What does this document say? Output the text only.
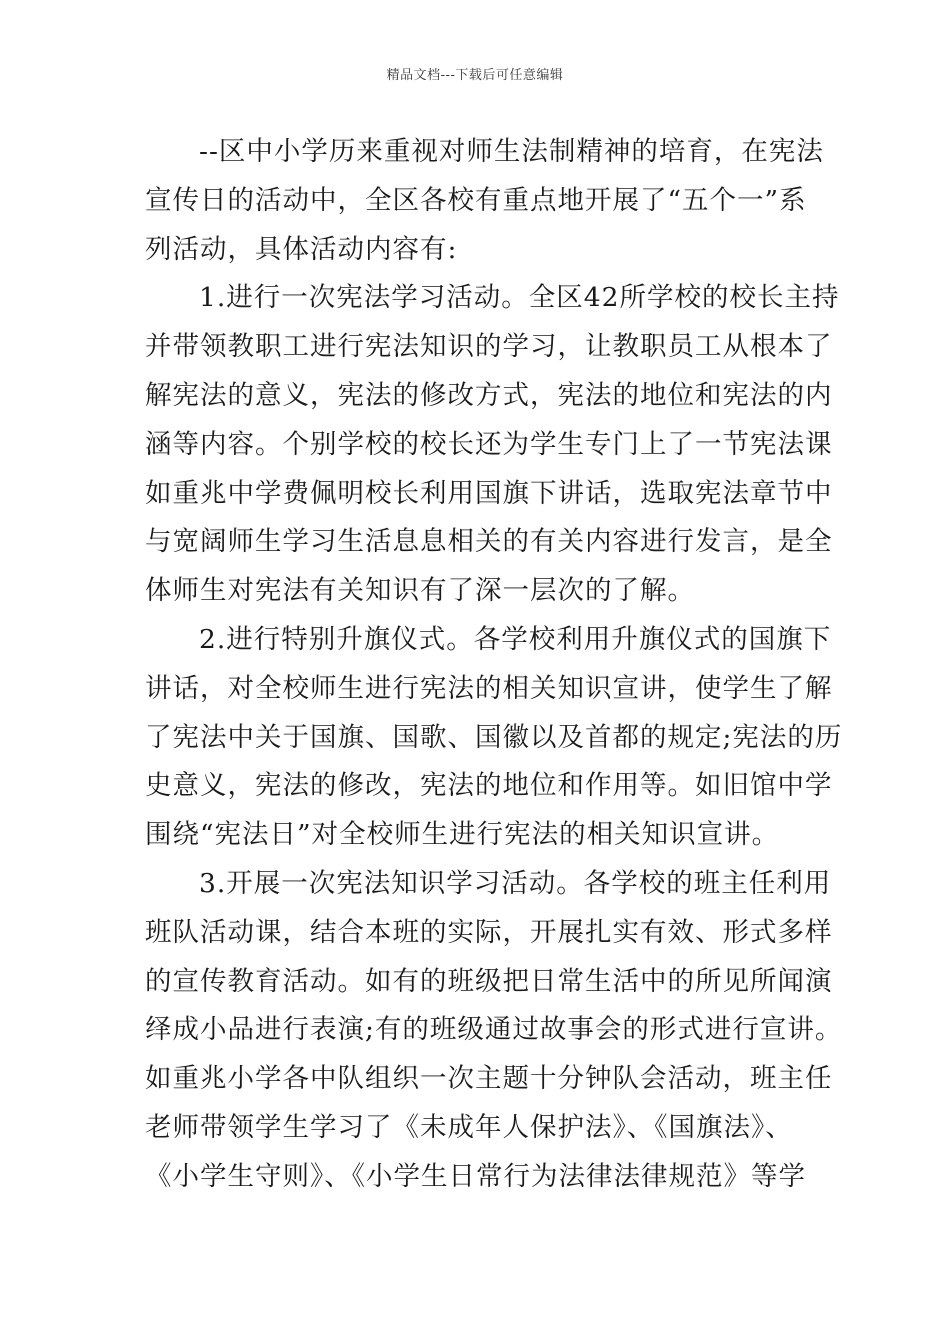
精品文档---下载后可任意编辑
--区中小学历来重视对师生法制精神的培育，在宪法
宣传日的活动中，全区各校有重点地开展了“五个一”系
列活动，具体活动内容有:
1.进行一次宪法学习活动。全区42所学校的校长主持
并带领教职工进行宪法知识的学习，让教职员工从根本了
解宪法的意义，宪法的修改方式，宪法的地位和宪法的内
涵等内容。个别学校的校长还为学生专门上了一节宪法课
如重兆中学费佩明校长利用国旗下讲话，选取宪法章节中
与宽阔师生学习生活息息相关的有关内容进行发言，是全
体师生对宪法有关知识有了深一层次的了解。
2.进行特别升旗仪式。各学校利用升旗仪式的国旗下
讲话，对全校师生进行宪法的相关知识宣讲，使学生了解
了宪法中关于国旗、国歌、国徽以及首都的规定;宪法的历
史意义，宪法的修改，宪法的地位和作用等。如旧馆中学
围绕“宪法日”对全校师生进行宪法的相关知识宣讲。
3.开展一次宪法知识学习活动。各学校的班主任利用
班队活动课，结合本班的实际，开展扎实有效、形式多样
的宣传教育活动。如有的班级把日常生活中的所见所闻演
绎成小品进行表演;有的班级通过故事会的形式进行宣讲。
如重兆小学各中队组织一次主题十分钟队会活动，班主任
老师带领学生学习了《未成年人保护法》、《国旗法》、
《小学生守则》、《小学生日常行为法律法律规范》等学
